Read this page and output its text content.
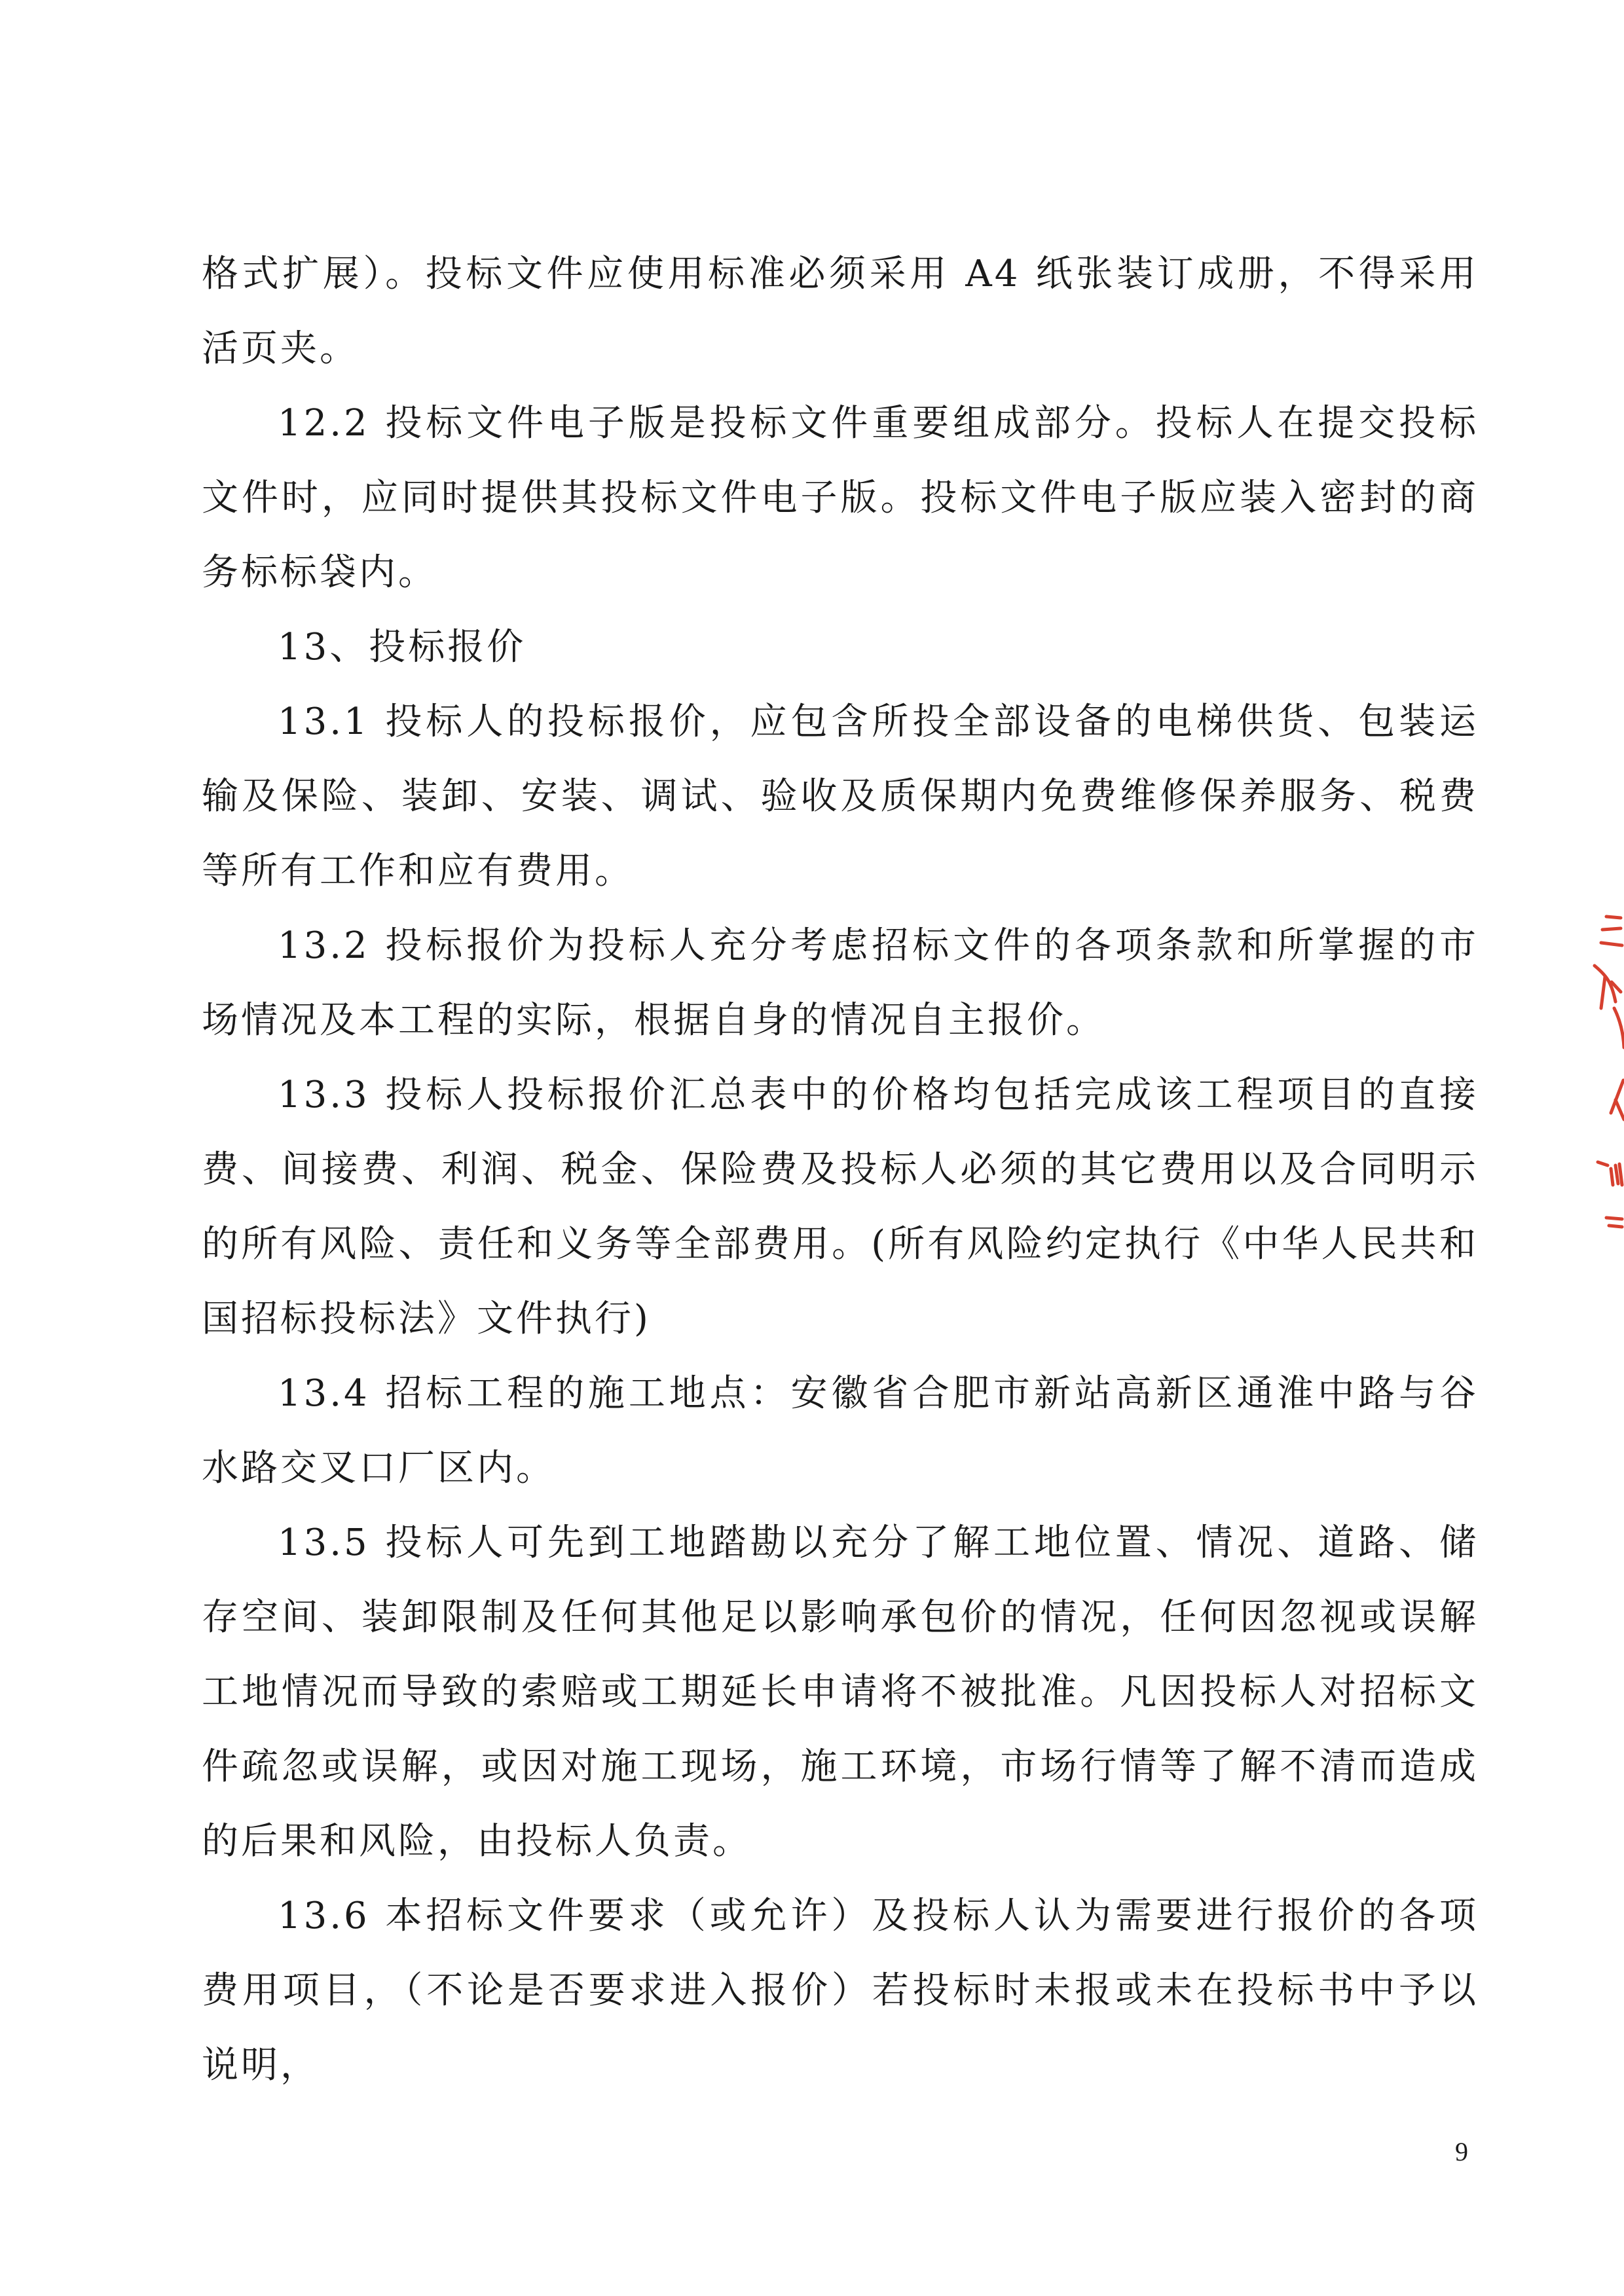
格式扩展）。投标文件应使用标准必须采用 A4 纸张装订成册，不得采用活页夹。

12.2 投标文件电子版是投标文件重要组成部分。投标人在提交投标文件时，应同时提供其投标文件电子版。投标文件电子版应装入密封的商务标标袋内。

13、投标报价

13.1 投标人的投标报价，应包含所投全部设备的电梯供货、包装运输及保险、装卸、安装、调试、验收及质保期内免费维修保养服务、税费等所有工作和应有费用。

13.2 投标报价为投标人充分考虑招标文件的各项条款和所掌握的市场情况及本工程的实际，根据自身的情况自主报价。

13.3 投标人投标报价汇总表中的价格均包括完成该工程项目的直接费、间接费、利润、税金、保险费及投标人必须的其它费用以及合同明示的所有风险、责任和义务等全部费用。(所有风险约定执行《中华人民共和国招标投标法》文件执行)

13.4 招标工程的施工地点：安徽省合肥市新站高新区通淮中路与谷水路交叉口厂区内。

13.5 投标人可先到工地踏勘以充分了解工地位置、情况、道路、储存空间、装卸限制及任何其他足以影响承包价的情况，任何因忽视或误解工地情况而导致的索赔或工期延长申请将不被批准。凡因投标人对招标文件疏忽或误解，或因对施工现场，施工环境，市场行情等了解不清而造成的后果和风险，由投标人负责。

13.6 本招标文件要求（或允许）及投标人认为需要进行报价的各项费用项目，（不论是否要求进入报价）若投标时未报或未在投标书中予以说明，

9
